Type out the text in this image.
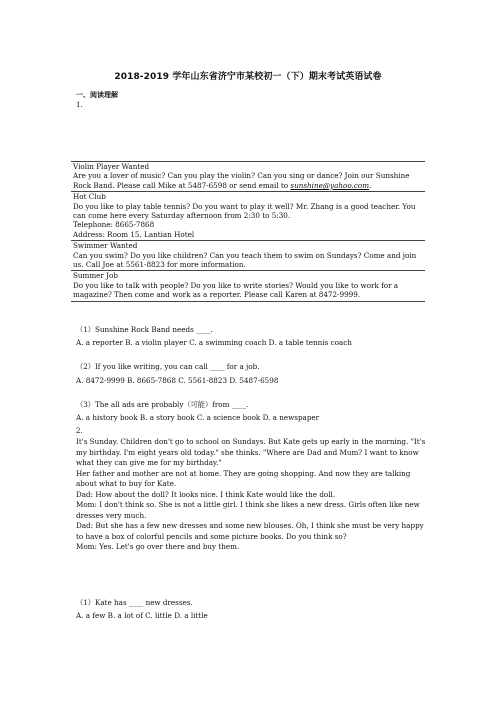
2018-2019 学年山东省济宁市某校初一（下）期末考试英语试卷
一、阅读理解
1.
Violin Player Wanted
Are you a lover of music? Can you play the violin? Can you sing or dance? Join our Sunshine Rock Band. Please call Mike at 5487-6598 or send email to sunshine@yahoo.com.
Hot Club
Do you like to play table tennis? Do you want to play it well? Mr. Zhang is a good teacher. You can come here every Saturday afternoon from 2:30 to 5:30.
Telephone: 8665-7868
Address: Room 15, Lantian Hotel
Swimmer Wanted
Can you swim? Do you like children? Can you teach them to swim on Sundays? Come and join us. Call Joe at 5561-8823 for more information.
Summer Job
Do you like to talk with people? Do you like to write stories? Would you like to work for a magazine? Then come and work as a reporter. Please call Karen at 8472-9999.
（1）Sunshine Rock Band needs ____.
A. a reporter B. a violin player C. a swimming coach D. a table tennis coach
（2）If you like writing, you can call ____ for a job.
A. 8472-9999 B. 8665-7868 C. 5561-8823 D. 5487-6598
（3）The all ads are probably（可能）from ____.
A. a history book B. a story book C. a science book D. a newspaper
2.
It's Sunday. Children don't go to school on Sundays. But Kate gets up early in the morning. "It's my birthday. I'm eight years old today." she thinks. "Where are Dad and Mum? I want to know what they can give me for my birthday."
Her father and mother are not at home. They are going shopping. And now they are talking about what to buy for Kate.
Dad: How about the doll? It looks nice. I think Kate would like the doll.
Mom: I don't think so. She is not a little girl. I think she likes a new dress. Girls often like new dresses very much.
Dad: But she has a few new dresses and some new blouses. Oh, I think she must be very happy to have a box of colorful pencils and some picture books. Do you think so?
Mom: Yes. Let's go over there and buy them.
（1）Kate has ____ new dresses.
A. a few B. a lot of C. little D. a little
